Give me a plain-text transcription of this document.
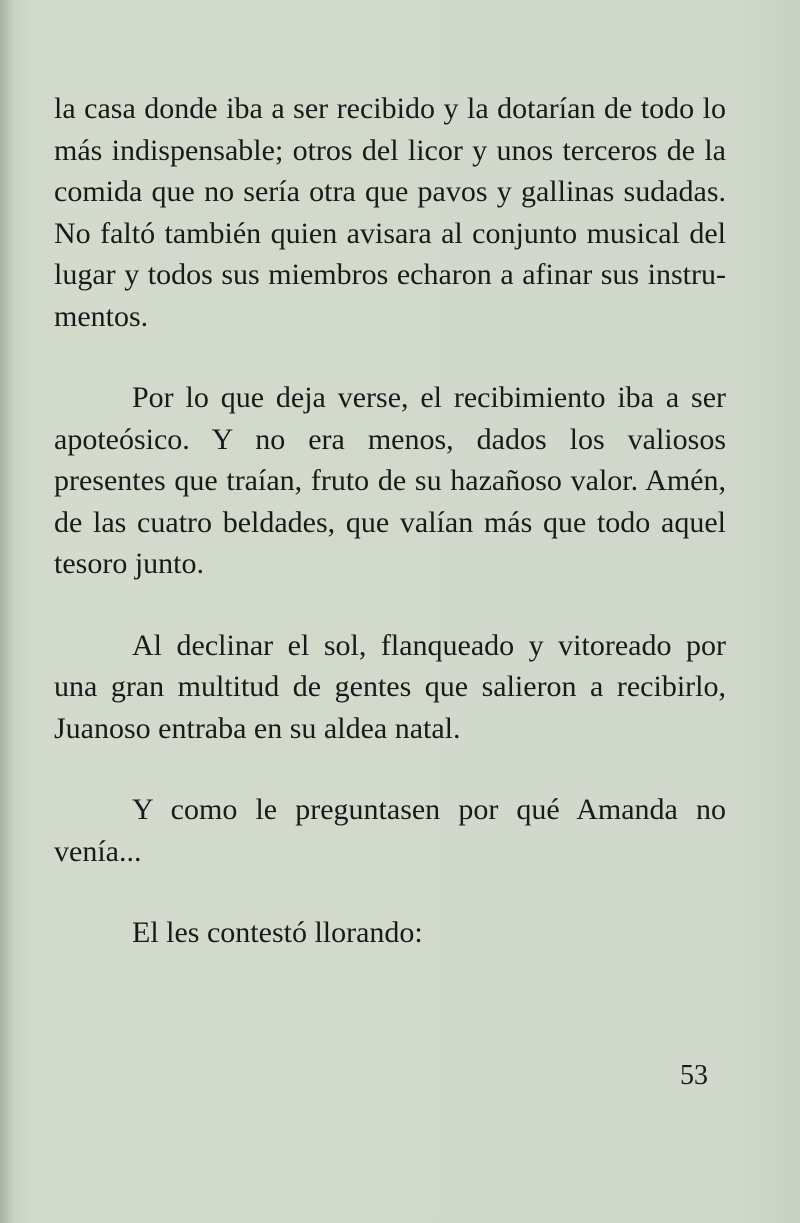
la casa donde iba a ser recibido y la dotarían de todo lo más indispensable; otros del licor y unos terceros de la comida que no sería otra que pavos y gallinas sudadas. No faltó también quien avisara al conjunto musical del lugar y todos sus miembros echaron a afinar sus instru- mentos.

Por lo que deja verse, el recibimiento iba a ser apoteósico. Y no era menos, dados los valiosos presentes que traían, fruto de su hazañoso valor. Amén, de las cuatro beldades, que valían más que todo aquel tesoro junto.

Al declinar el sol, flanqueado y vitoreado por una gran multitud de gentes que salieron a recibirlo, Juanoso entraba en su aldea natal.

Y como le preguntasen por qué Amanda no venía...

El les contestó llorando:

53
